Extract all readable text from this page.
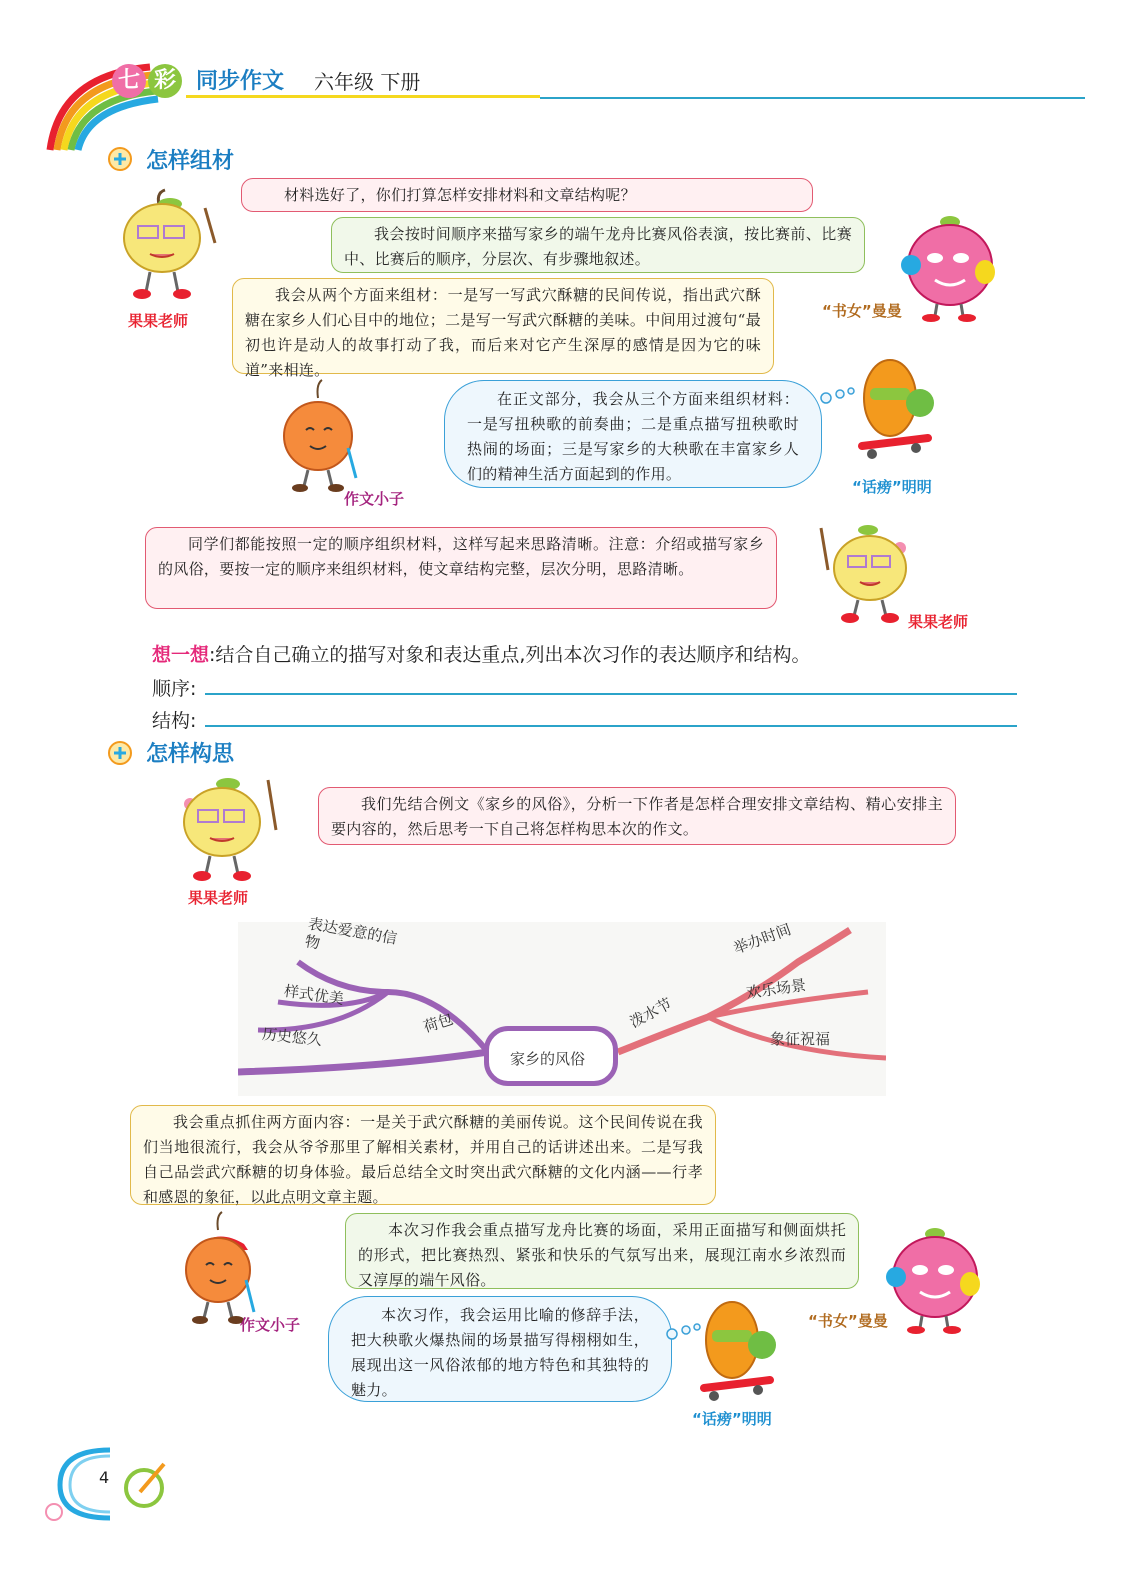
七 彩 同步作文 六年级 下册
怎样组材
果果老师
材料选好了，你们打算怎样安排材料和文章结构呢？
我会按时间顺序来描写家乡的端午龙舟比赛风俗表演，按比赛前、比赛中、比赛后的顺序，分层次、有步骤地叙述。
“书女”曼曼
我会从两个方面来组材：一是写一写武穴酥糖的民间传说，指出武穴酥糖在家乡人们心目中的地位；二是写一写武穴酥糖的美味。中间用过渡句“最初也许是动人的故事打动了我，而后来对它产生深厚的感情是因为它的味道”来相连。
作文小子
在正文部分，我会从三个方面来组织材料：一是写扭秧歌的前奏曲；二是重点描写扭秧歌时热闹的场面；三是写家乡的大秧歌在丰富家乡人们的精神生活方面起到的作用。
“话痨”明明
同学们都能按照一定的顺序组织材料，这样写起来思路清晰。注意：介绍或描写家乡的风俗，要按一定的顺序来组织材料，使文章结构完整，层次分明，思路清晰。
果果老师
想一想:结合自己确立的描写对象和表达重点,列出本次习作的表达顺序和结构。
顺序:
结构:
怎样构思
果果老师
我们先结合例文《家乡的风俗》，分析一下作者是怎样合理安排文章结构、精心安排主要内容的，然后思考一下自己将怎样构思本次的作文。
家乡的风俗
荷包
表达爱意的信物
样式优美
历史悠久
泼水节
举办时间
欢乐场景
象征祝福
我会重点抓住两方面内容：一是关于武穴酥糖的美丽传说。这个民间传说在我们当地很流行，我会从爷爷那里了解相关素材，并用自己的话讲述出来。二是写我自己品尝武穴酥糖的切身体验。最后总结全文时突出武穴酥糖的文化内涵——行孝和感恩的象征，以此点明文章主题。
作文小子
本次习作我会重点描写龙舟比赛的场面，采用正面描写和侧面烘托的形式，把比赛热烈、紧张和快乐的气氛写出来，展现江南水乡浓烈而又淳厚的端午风俗。
“书女”曼曼
本次习作，我会运用比喻的修辞手法，把大秧歌火爆热闹的场景描写得栩栩如生，展现出这一风俗浓郁的地方特色和其独特的魅力。
“话痨”明明
4
